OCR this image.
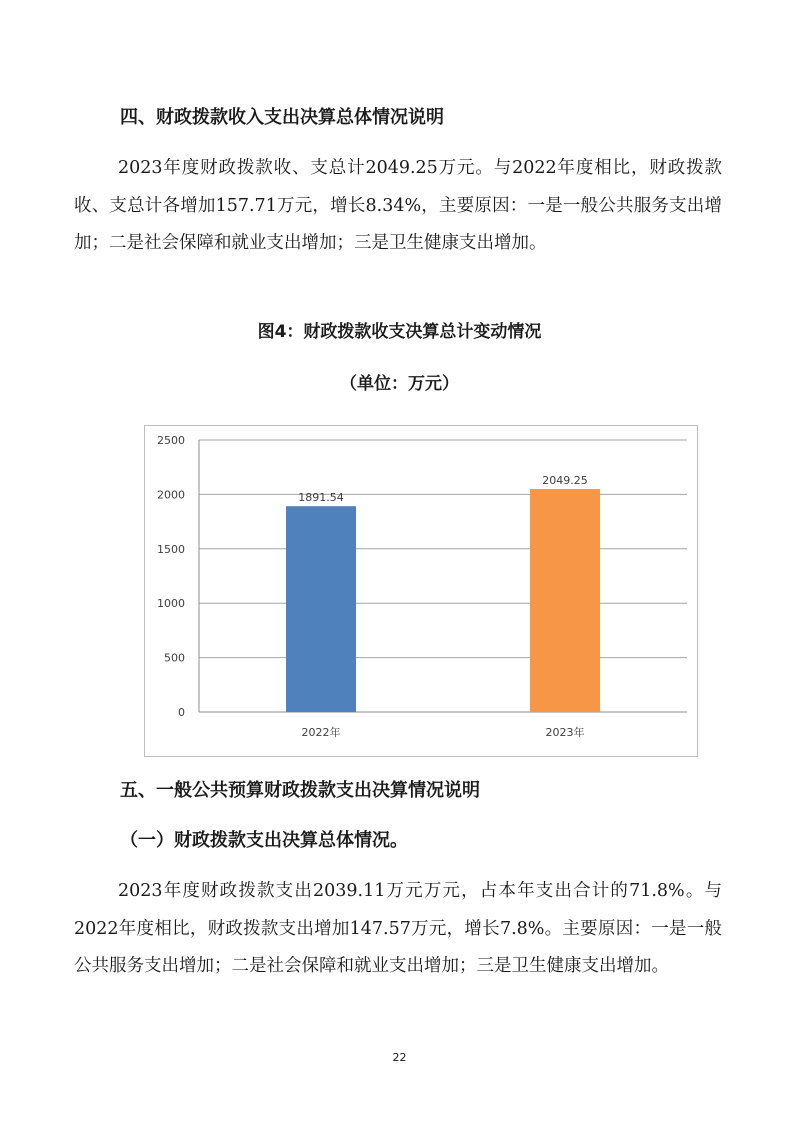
四、财政拨款收入支出决算总体情况说明

2023年度财政拨款收、支总计2049.25万元。与2022年度相比，财政拨款收、支总计各增加157.71万元，增长8.34%，主要原因：一是一般公共服务支出增加；二是社会保障和就业支出增加；三是卫生健康支出增加。

图4：财政拨款收支决算总计变动情况
（单位：万元）
0
500
1000
1500
2000
2500
1891.54
2022年
2049.25
2023年
五、一般公共预算财政拨款支出决算情况说明
（一）财政拨款支出决算总体情况。

2023年度财政拨款支出2039.11万元万元，占本年支出合计的71.8%。与2022年度相比，财政拨款支出增加147.57万元，增长7.8%。主要原因：一是一般公共服务支出增加；二是社会保障和就业支出增加；三是卫生健康支出增加。

22
